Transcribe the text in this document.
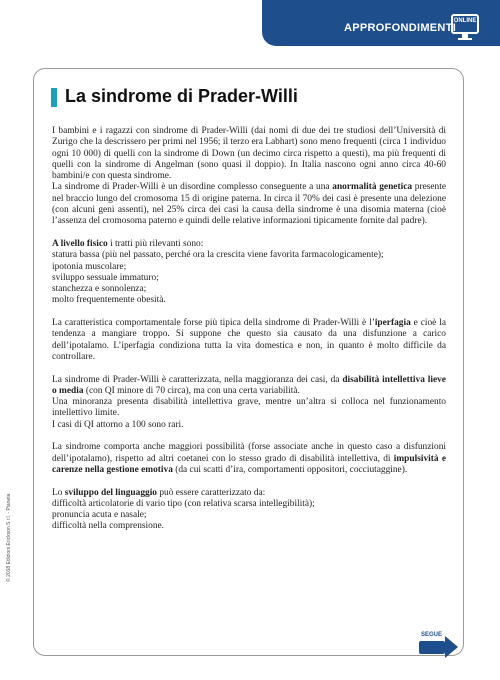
APPROFONDIMENTI
ONLINE
La sindrome di Prader-Willi

I bambini e i ragazzi con sindrome di Prader-Willi (dai nomi di due dei tre studiosi dell’Università di Zurigo che la descrissero per primi nel 1956; il terzo era Labhart) sono meno frequenti (circa 1 individuo ogni 10 000) di quelli con la sindrome di Down (un decimo circa rispetto a questi), ma più frequenti di quelli con la sindrome di Angelman (sono quasi il doppio). In Italia nascono ogni anno circa 40-60 bambini/e con questa sindrome.

La sindrome di Prader-Willi è un disordine complesso conseguente a una anormalità genetica presente nel braccio lungo del cromosoma 15 di origine paterna. In circa il 70% dei casi è presente una delezione (con alcuni geni assenti), nel 25% circa dei casi la causa della sindrome è una disomia materna (cioè l’assenza del cromosoma paterno e quindi delle relative informazioni tipicamente fornite dal padre).

A livello fisico i tratti più rilevanti sono:

statura bassa (più nel passato, perché ora la crescita viene favorita farmacologicamente);
ipotonia muscolare;
sviluppo sessuale immaturo;
stanchezza e sonnolenza;

molto frequentemente obesità.

La caratteristica comportamentale forse più tipica della sindrome di Prader-Willi è l’iperfagia e cioè la tendenza a mangiare troppo. Si suppone che questo sia causato da una disfunzione a carico dell’ipotalamo. L’iperfagia condiziona tutta la vita domestica e non, in quanto è molto difficile da controllare.

La sindrome di Prader-Willi è caratterizzata, nella maggioranza dei casi, da disabilità intellettiva lieve o media (con QI minore di 70 circa), ma con una certa variabilità.

Una minoranza presenta disabilità intellettiva grave, mentre un’altra si colloca nel funzionamento intellettivo limite.

I casi di QI attorno a 100 sono rari.

La sindrome comporta anche maggiori possibilità (forse associate anche in questo caso a disfunzioni dell’ipotalamo), rispetto ad altri coetanei con lo stesso grado di disabilità intellettiva, di impulsività e carenze nella gestione emotiva (da cui scatti d’ira, comportamenti oppositori, cocciutaggine).

Lo sviluppo del linguaggio può essere caratterizzato da:

difficoltà articolatorie di vario tipo (con relativa scarsa intellegibilità);
pronuncia acuta e nasale;
difficoltà nella comprensione.
© 2018 Edizioni Erickson S.r.l. - Pianeta
SEGUE
